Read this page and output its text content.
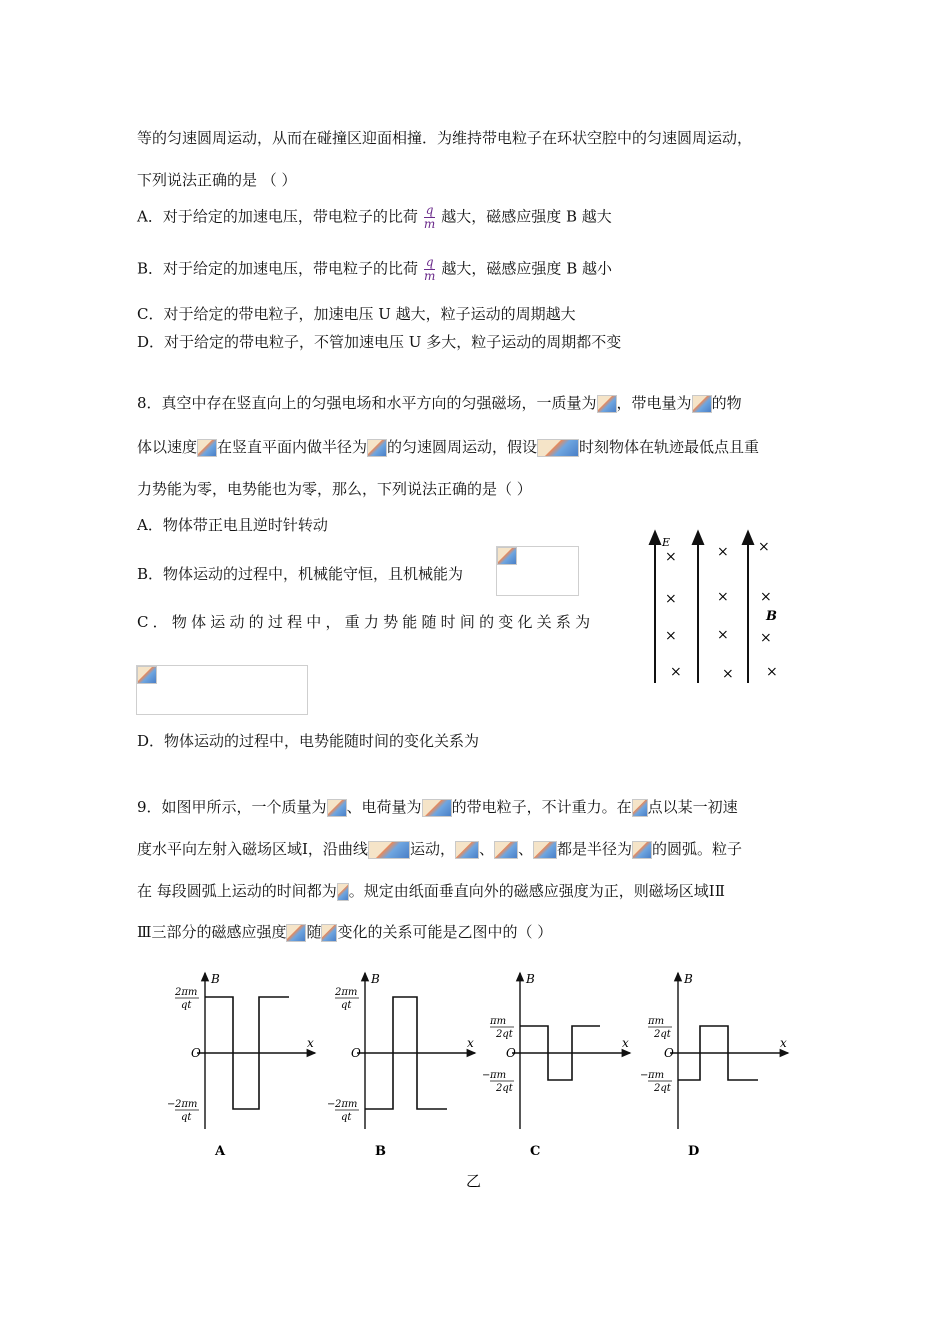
等的匀速圆周运动，从而在碰撞区迎面相撞．为维持带电粒子在环状空腔中的匀速圆周运动，
下列说法正确的是 （ ）
A．对于给定的加速电压，带电粒子的比荷 $\frac{q}{m}$ 越大，磁感应强度 B 越大
B．对于给定的加速电压，带电粒子的比荷 $\frac{q}{m}$ 越大，磁感应强度 B 越小
C．对于给定的带电粒子，加速电压 U 越大，粒子运动的周期越大
D．对于给定的带电粒子，不管加速电压 U 多大，粒子运动的周期都不变
8．真空中存在竖直向上的匀强电场和水平方向的匀强磁场，一质量为 ，带电量为 的物
体以速度 在竖直平面内做半径为 的匀速圆周运动，假设	时刻物体在轨迹最低点且重
力势能为零，电势能也为零，那么，下列说法正确的是（ ）
A．物体带正电且逆时针转动
B．物体运动的过程中，机械能守恒，且机械能为
C．物体运动的过程中，重力势能随时间的变化关系为
D．物体运动的过程中，电势能随时间的变化关系为
E
B
×	× ×
×	× ×
×	× ×
×	× ×
9．如图甲所示，一个质量为 、电荷量为 的带电粒子，不计重力。在 点以某一初速
度水平向左射入磁场区域Ⅰ，沿曲线	运动， 、 、 都是半径为 的圆弧。粒子
在 每段圆弧上运动的时间都为 。规定由纸面垂直向外的磁感应强度为正，则磁场区域ⅠⅡ
Ⅲ三部分的磁感应强度 随 变化的关系可能是乙图中的（ ）
B
x
O
2πm
qt
− 2πm
qt
A
B
x
O
2πm
qt
− 2πm
qt
B
B
x
O
πm
2qt
− πm
2qt
C
B
x
O
πm
2qt
− πm
2qt
D
乙
